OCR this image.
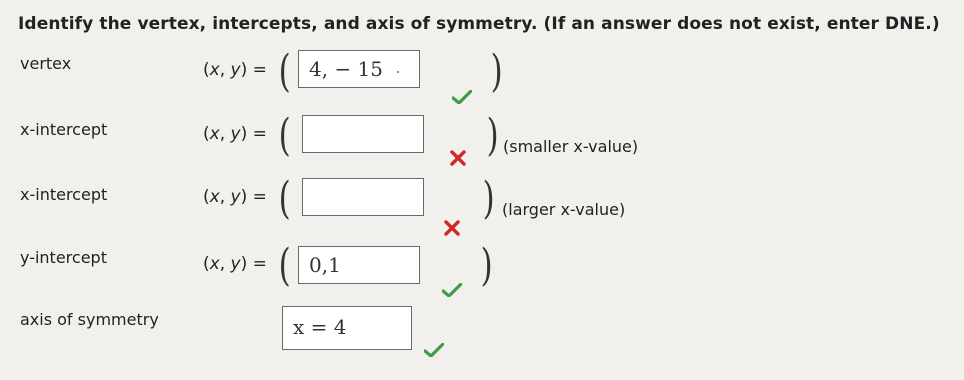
Identify the vertex, intercepts, and axis of symmetry. (If an answer does not exist, enter DNE.)
vertex	(x, y) = ( 4, − 15	)
x-intercept	(x, y) = (	) (smaller x-value)
x-intercept	(x, y) = (	) (larger x-value)
y-intercept	(x, y) = ( 0,1	)
axis of symmetry	x = 4
